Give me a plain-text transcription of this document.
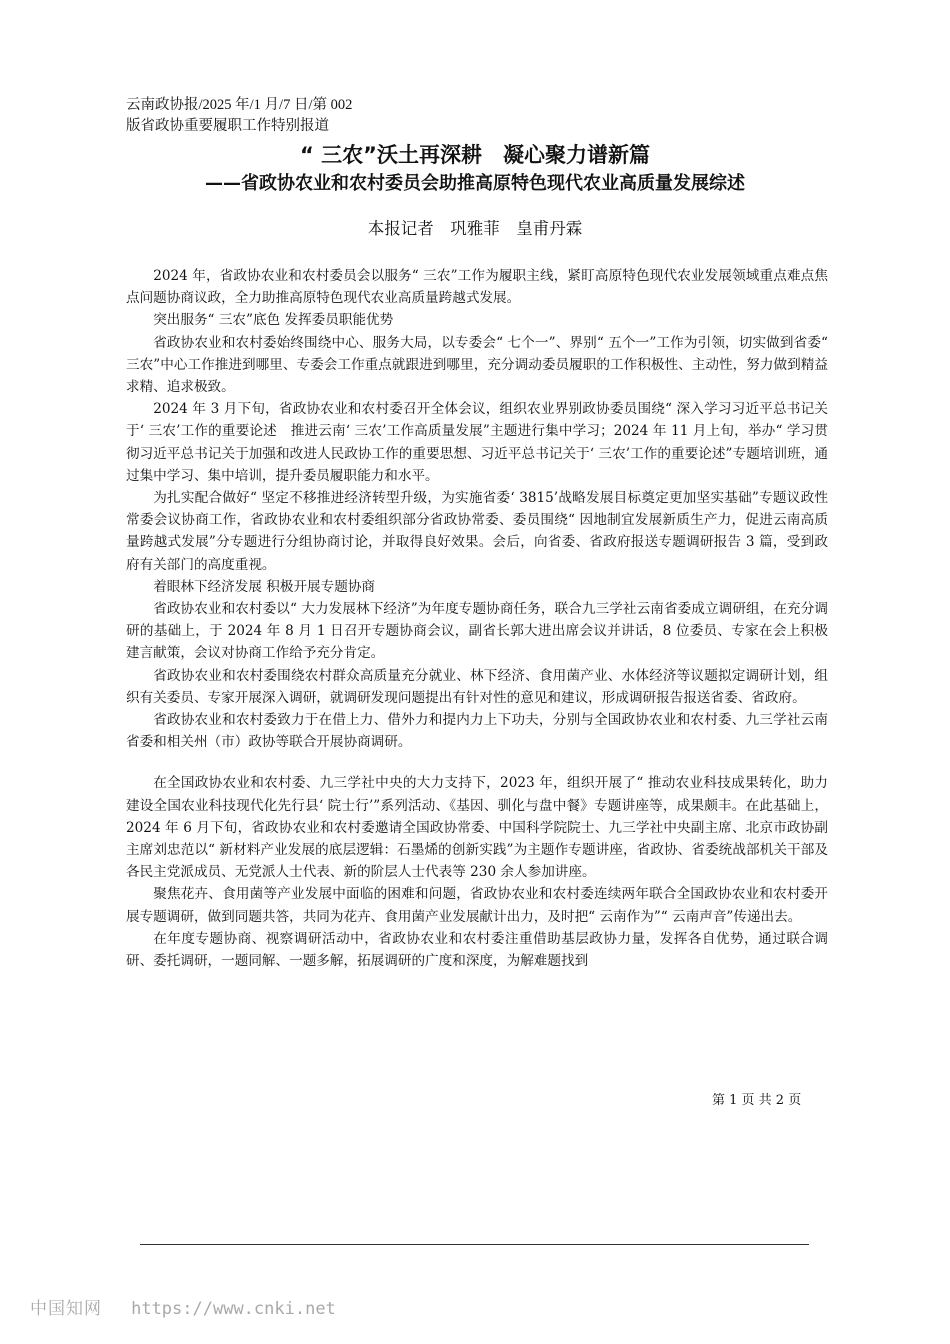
云南政协报/2025 年/1 月/7 日/第 002
版省政协重要履职工作特别报道
“ 三农”沃土再深耕　凝心聚力谱新篇
——省政协农业和农村委员会助推高原特色现代农业高质量发展综述
本报记者　巩雅菲　皇甫丹霖

2024 年，省政协农业和农村委员会以服务“ 三农”工作为履职主线，紧盯高原特色现代农业发展领域重点难点焦点问题协商议政，全力助推高原特色现代农业高质量跨越式发展。

突出服务“ 三农”底色 发挥委员职能优势

省政协农业和农村委始终围绕中心、服务大局，以专委会“ 七个一”、界别“ 五个一”工作为引领，切实做到省委“ 三农”中心工作推进到哪里、专委会工作重点就跟进到哪里，充分调动委员履职的工作积极性、主动性，努力做到精益求精、追求极致。

2024 年 3 月下旬，省政协农业和农村委召开全体会议，组织农业界别政协委员围绕“ 深入学习习近平总书记关于‘ 三农’工作的重要论述　推进云南‘ 三农’工作高质量发展”主题进行集中学习；2024 年 11 月上旬，举办“ 学习贯彻习近平总书记关于加强和改进人民政协工作的重要思想、习近平总书记关于‘ 三农’工作的重要论述”专题培训班，通过集中学习、集中培训，提升委员履职能力和水平。

为扎实配合做好“ 坚定不移推进经济转型升级，为实施省委‘ 3815’战略发展目标奠定更加坚实基础”专题议政性常委会议协商工作，省政协农业和农村委组织部分省政协常委、委员围绕“ 因地制宜发展新质生产力，促进云南高质量跨越式发展”分专题进行分组协商讨论，并取得良好效果。会后，向省委、省政府报送专题调研报告 3 篇，受到政府有关部门的高度重视。

着眼林下经济发展 积极开展专题协商

省政协农业和农村委以“ 大力发展林下经济”为年度专题协商任务，联合九三学社云南省委成立调研组，在充分调研的基础上，于 2024 年 8 月 1 日召开专题协商会议，副省长郭大进出席会议并讲话，8 位委员、专家在会上积极建言献策，会议对协商工作给予充分肯定。

省政协农业和农村委围绕农村群众高质量充分就业、林下经济、食用菌产业、水体经济等议题拟定调研计划，组织有关委员、专家开展深入调研，就调研发现问题提出有针对性的意见和建议，形成调研报告报送省委、省政府。

省政协农业和农村委致力于在借上力、借外力和提内力上下功夫，分别与全国政协农业和农村委、九三学社云南省委和相关州（市）政协等联合开展协商调研。

在全国政协农业和农村委、九三学社中央的大力支持下，2023 年，组织开展了“ 推动农业科技成果转化，助力建设全国农业科技现代化先行县‘ 院士行’”系列活动、《基因、驯化与盘中餐》专题讲座等，成果颇丰。在此基础上，2024 年 6 月下旬，省政协农业和农村委邀请全国政协常委、中国科学院院士、九三学社中央副主席、北京市政协副主席刘忠范以“ 新材料产业发展的底层逻辑：石墨烯的创新实践”为主题作专题讲座，省政协、省委统战部机关干部及各民主党派成员、无党派人士代表、新的阶层人士代表等 230 余人参加讲座。

聚焦花卉、食用菌等产业发展中面临的困难和问题，省政协农业和农村委连续两年联合全国政协农业和农村委开展专题调研，做到同题共答，共同为花卉、食用菌产业发展献计出力，及时把“ 云南作为”“ 云南声音”传递出去。

在年度专题协商、视察调研活动中，省政协农业和农村委注重借助基层政协力量，发挥各自优势，通过联合调研、委托调研，一题同解、一题多解，拓展调研的广度和深度，为解难题找到

第 1 页 共 2 页
中国知网 https://www.cnki.net
